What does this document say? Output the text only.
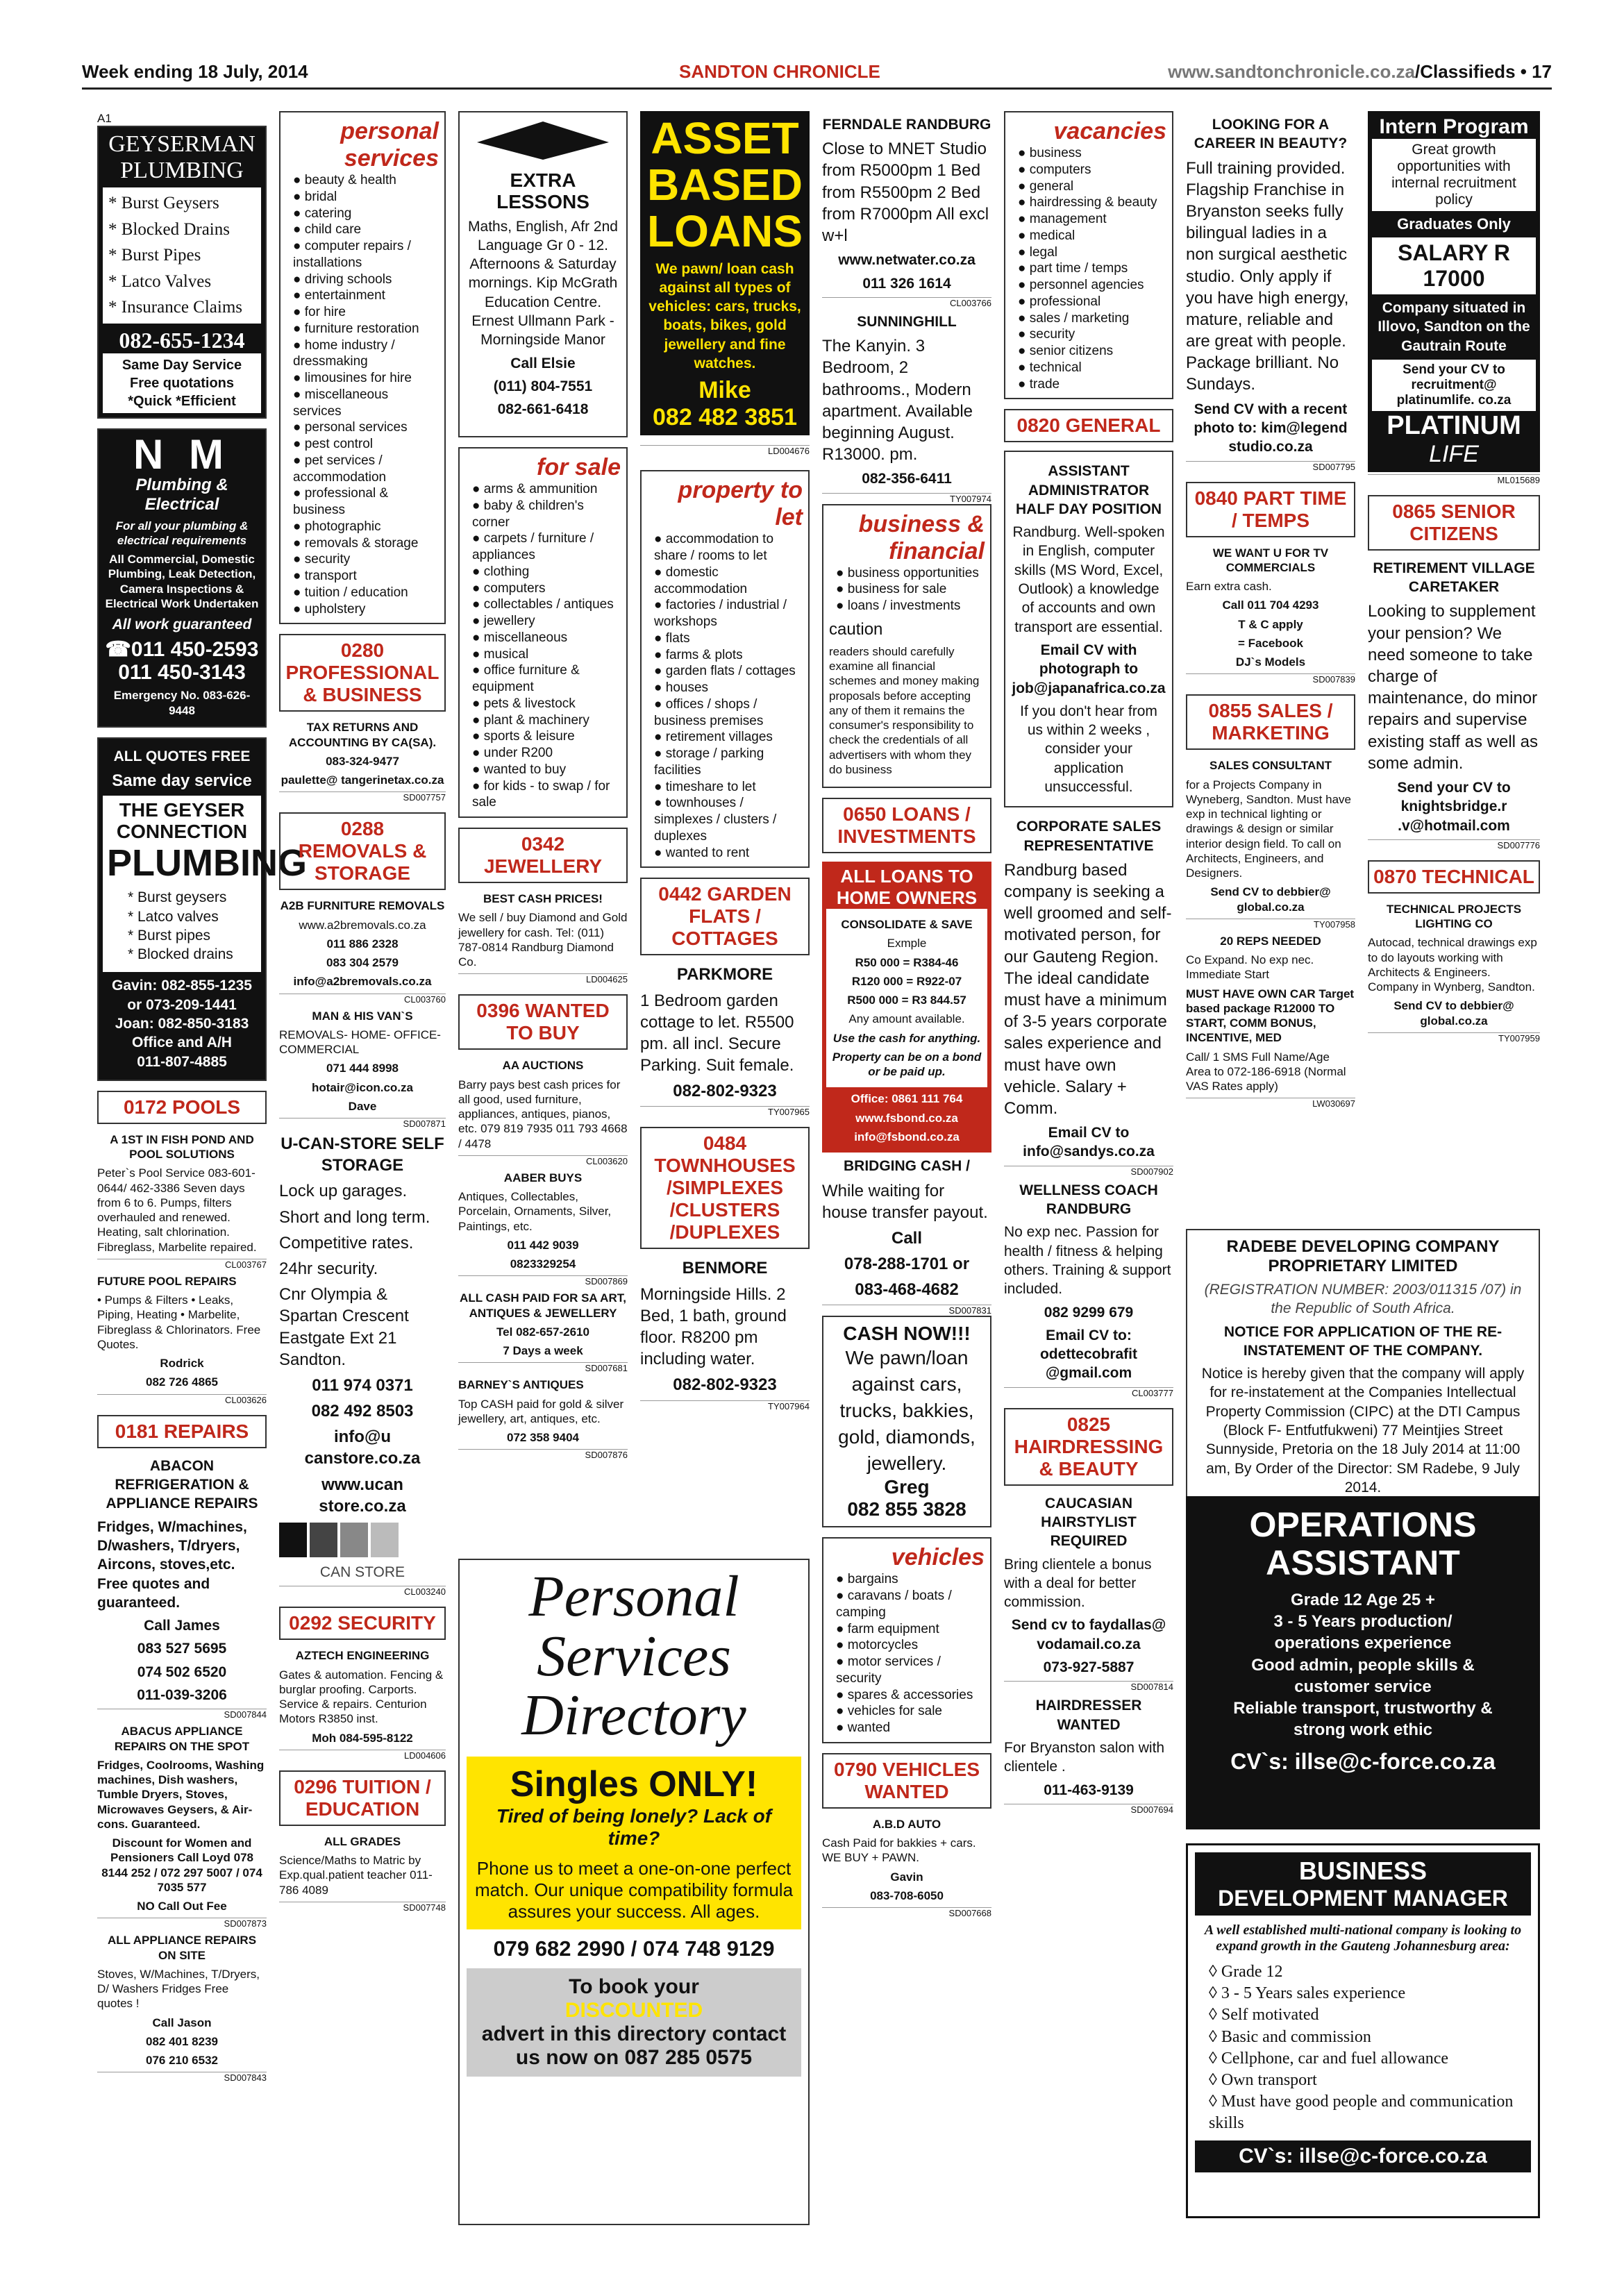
Week ending 18 July, 2014	SANDTON CHRONICLE	www.sandtonchronicle.co.za/Classifieds • 17
A1
GEYSERMAN PLUMBING
* Burst Geysers
* Blocked Drains
* Burst Pipes
* Latco Valves
* Insurance Claims
082-655-1234
Same Day Service
Free quotations
*Quick *Efficient
N M
Plumbing & Electrical
For all your plumbing & electrical requirements
All Commercial, Domestic Plumbing, Leak Detection, Camera Inspections & Electrical Work Undertaken
All work guaranteed
☎011 450-2593
011 450-3143
Emergency No. 083-626-9448
ALL QUOTES FREE
Same day service
THE GEYSER CONNECTION
PLUMBING
* Burst geysers
* Latco valves
* Burst pipes
* Blocked drains
Gavin: 082-855-1235
or 073-209-1441
Joan: 082-850-3183
Office and A/H
011-807-4885
0172 POOLS
A 1ST IN FISH POND AND POOL SOLUTIONS
Peter`s Pool Service 083-601-0644/ 462-3386 Seven days from 6 to 6. Pumps, filters overhauled and renewed. Heating, salt chlorination. Fibreglass, Marbelite repaired.
CL003767
FUTURE POOL REPAIRS
• Pumps & Filters • Leaks, Piping, Heating • Marbelite, Fibreglass & Chlorinators. Free Quotes.
Rodrick
082 726 4865
CL003626
0181 REPAIRS
ABACON REFRIGERATION & APPLIANCE REPAIRS
Fridges, W/machines, D/washers, T/dryers, Aircons, stoves,etc. Free quotes and guaranteed.
Call James
083 527 5695
074 502 6520
011-039-3206
SD007844
ABACUS APPLIANCE REPAIRS ON THE SPOT
Fridges, Coolrooms, Washing machines, Dish washers, Tumble Dryers, Stoves, Microwaves Geysers, & Air-cons. Guaranteed.
Discount for Women and Pensioners Call Loyd 078 8144 252 / 072 297 5007 / 074 7035 577
NO Call Out Fee
SD007873
ALL APPLIANCE REPAIRS ON SITE
Stoves, W/Machines, T/Dryers, D/ Washers Fridges Free quotes !
Call Jason
082 401 8239
076 210 6532
SD007843
personal services
● beauty & health
● bridal
● catering
● child care
● computer repairs / installations
● driving schools
● entertainment
● for hire
● furniture restoration
● home industry / dressmaking
● limousines for hire
● miscellaneous services
● personal services
● pest control
● pet services / accommodation
● professional & business
● photographic
● removals & storage
● security
● transport
● tuition / education
● upholstery
0280 PROFESSIONAL & BUSINESS
TAX RETURNS AND ACCOUNTING BY CA(SA).
083-324-9477
paulette@ tangerinetax.co.za
SD007757
0288 REMOVALS & STORAGE
A2B FURNITURE REMOVALS
www.a2bremovals.co.za
011 886 2328
083 304 2579
info@a2bremovals.co.za
CL003760
MAN & HIS VAN`S
REMOVALS- HOME- OFFICE- COMMERCIAL
071 444 8998
hotair@icon.co.za
Dave
SD007871
U-CAN-STORE SELF STORAGE
Lock up garages.
Short and long term.
Competitive rates.
24hr security.
Cnr Olympia & Spartan Crescent Eastgate Ext 21 Sandton.
011 974 0371
082 492 8503
info@u canstore.co.za
www.ucan store.co.za
CAN STORE
CL003240
0292 SECURITY
AZTECH ENGINEERING
Gates & automation. Fencing & burglar proofing. Carports. Service & repairs. Centurion Motors R3850 inst.
Moh 084-595-8122
LD004606
0296 TUITION / EDUCATION
ALL GRADES
Science/Maths to Matric by Exp.qual.patient teacher 011-786 4089
SD007748
EXTRA LESSONS
Maths, English, Afr 2nd Language Gr 0 - 12. Afternoons & Saturday mornings. Kip McGrath Education Centre. Ernest Ullmann Park - Morningside Manor
Call Elsie
(011) 804-7551
082-661-6418
for sale
● arms & ammunition
● baby & children's corner
● carpets / furniture / appliances
● clothing
● computers
● collectables / antiques
● jewellery
● miscellaneous
● musical
● office furniture & equipment
● pets & livestock
● plant & machinery
● sports & leisure
● under R200
● wanted to buy
● for kids - to swap / for sale
0342 JEWELLERY
BEST CASH PRICES!
We sell / buy Diamond and Gold jewellery for cash. Tel: (011) 787-0814 Randburg Diamond Co.
LD004625
0396 WANTED TO BUY
AA AUCTIONS
Barry pays best cash prices for all good, used furniture, appliances, antiques, pianos, etc. 079 819 7935 011 793 4668 / 4478
CL003620
AABER BUYS
Antiques, Collectables, Porcelain, Ornaments, Silver, Paintings, etc.
011 442 9039
0823329254
SD007869
ALL CASH PAID FOR SA ART, ANTIQUES & JEWELLERY
Tel 082-657-2610
7 Days a week
SD007681
BARNEY`S ANTIQUES
Top CASH paid for gold & silver jewellery, art, antiques, etc.
072 358 9404
SD007876
ASSET
BASED
LOANS
We pawn/ loan cash against all types of vehicles: cars, trucks, boats, bikes, gold jewellery and fine watches.
Mike
082 482 3851
LD004676
property to let
● accommodation to share / rooms to let
● domestic accommodation
● factories / industrial / workshops
● flats
● farms & plots
● garden flats / cottages
● houses
● offices / shops / business premises
● retirement villages
● storage / parking facilities
● timeshare to let
● townhouses / simplexes / clusters / duplexes
● wanted to rent
0442 GARDEN FLATS / COTTAGES
PARKMORE
1 Bedroom garden cottage to let. R5500 pm. all incl. Secure Parking. Suit female.
082-802-9323
TY007965
0484 TOWNHOUSES /SIMPLEXES /CLUSTERS /DUPLEXES
BENMORE
Morningside Hills. 2 Bed, 1 bath, ground floor. R8200 pm including water.
082-802-9323
TY007964
Personal
Services
Directory
Singles ONLY!
Tired of being lonely? Lack of time?
Phone us to meet a one-on-one perfect match. Our unique compatibility formula assures your success. All ages.
079 682 2990 / 074 748 9129
To book your
DISCOUNTED
advert in this directory contact us now on 087 285 0575
FERNDALE RANDBURG
Close to MNET Studio from R5000pm 1 Bed from R5500pm 2 Bed from R7000pm All excl w+l
www.netwater.co.za
011 326 1614
CL003766
SUNNINGHILL
The Kanyin. 3 Bedroom, 2 bathrooms., Modern apartment. Available beginning August. R13000. pm.
082-356-6411
TY007974
business & financial
● business opportunities
● business for sale
● loans / investments
caution
readers should carefully examine all financial schemes and money making proposals before accepting any of them it remains the consumer's responsibility to check the credentials of all advertisers with whom they do business
0650 LOANS / INVESTMENTS
ALL LOANS TO HOME OWNERS
CONSOLIDATE & SAVE
Exmple
R50 000 = R384-46
R120 000 = R922-07
R500 000 = R3 844.57
Any amount available.
Use the cash for anything.
Property can be on a bond or be paid up.
Office: 0861 111 764
www.fsbond.co.za
info@fsbond.co.za
BRIDGING CASH /
While waiting for house transfer payout.
Call
078-288-1701 or
083-468-4682
SD007831
CASH NOW!!!
We pawn/loan against cars, trucks, bakkies, gold, diamonds, jewellery.
Greg
082 855 3828
vehicles
● bargains
● caravans / boats / camping
● farm equipment
● motorcycles
● motor services / security
● spares & accessories
● vehicles for sale
● wanted
0790 VEHICLES WANTED
A.B.D AUTO
Cash Paid for bakkies + cars. WE BUY + PAWN.
Gavin
083-708-6050
SD007668
vacancies
● business
● computers
● general
● hairdressing & beauty
● management
● medical
● legal
● part time / temps
● personnel agencies
● professional
● sales / marketing
● security
● senior citizens
● technical
● trade
0820 GENERAL
ASSISTANT ADMINISTRATOR HALF DAY POSITION
Randburg. Well-spoken in English, computer skills (MS Word, Excel, Outlook) a knowledge of accounts and own transport are essential.
Email CV with photograph to job@japanafrica.co.za
If you don't hear from us within 2 weeks , consider your application unsuccessful.
CORPORATE SALES REPRESENTATIVE
Randburg based company is seeking a well groomed and self-motivated person, for our Gauteng Region. The ideal candidate must have a minimum of 3-5 years corporate sales experience and must have own vehicle. Salary + Comm.
Email CV to info@sandys.co.za
SD007902
WELLNESS COACH RANDBURG
No exp nec. Passion for health / fitness & helping others. Training & support included.
082 9299 679
Email CV to: odettecobrafit @gmail.com
CL003777
0825 HAIRDRESSING & BEAUTY
CAUCASIAN HAIRSTYLIST REQUIRED
Bring clientele a bonus with a deal for better commission.
Send cv to faydallas@ vodamail.co.za
073-927-5887
SD007814
HAIRDRESSER WANTED
For Bryanston salon with clientele .
011-463-9139
SD007694
LOOKING FOR A CAREER IN BEAUTY?
Full training provided. Flagship Franchise in Bryanston seeks fully bilingual ladies in a non surgical aesthetic studio. Only apply if you have high energy, mature, reliable and are great with people. Package brilliant. No Sundays.
Send CV with a recent photo to: kim@legend studio.co.za
SD007795
0840 PART TIME / TEMPS
WE WANT U FOR TV COMMERCIALS
Earn extra cash.
Call 011 704 4293
T & C apply
= Facebook
DJ`s Models
SD007839
0855 SALES / MARKETING
SALES CONSULTANT
for a Projects Company in Wyneberg, Sandton. Must have exp in technical lighting or drawings & design or similar interior design field. To call on Architects, Engineers, and Designers.
Send CV to debbier@ global.co.za
TY007958
20 REPS NEEDED
Co Expand. No exp nec. Immediate Start
MUST HAVE OWN CAR Target based package R12000 TO START, COMM BONUS, INCENTIVE, MED
Call/ 1 SMS Full Name/Age Area to 072-186-6918 (Normal VAS Rates apply)
LW030697
RADEBE DEVELOPING COMPANY PROPRIETARY LIMITED
(REGISTRATION NUMBER: 2003/011315 /07) in the Republic of South Africa.
NOTICE FOR APPLICATION OF THE RE-INSTATEMENT OF THE COMPANY.
Notice is hereby given that the company will apply for re-instatement at the Companies Intellectual Property Commission (CIPC) at the DTI Campus (Block F- Entfutfukweni) 77 Meintjies Street Sunnyside, Pretoria on the 18 July 2014 at 11:00 am, By Order of the Director: SM Radebe, 9 July 2014.
OPERATIONS
ASSISTANT
Grade 12 Age 25 +
3 - 5 Years production/
operations experience
Good admin, people skills &
customer service
Reliable transport, trustworthy &
strong work ethic
CV`s: illse@c-force.co.za
BUSINESS
DEVELOPMENT MANAGER
A well established multi-national company is looking to expand growth in the Gauteng Johannesburg area:
◊ Grade 12
◊ 3 - 5 Years sales experience
◊ Self motivated
◊ Basic and commission
◊ Cellphone, car and fuel allowance
◊ Own transport
◊ Must have good people and communication skills
CV`s: illse@c-force.co.za
Intern Program
Great growth opportunities with internal recruitment policy
Graduates Only
SALARY R 17000
Company situated in Illovo, Sandton on the Gautrain Route
Send your CV to recruitment@ platinumlife. co.za
PLATINUM
LIFE
ML015689
0865 SENIOR CITIZENS
RETIREMENT VILLAGE CARETAKER
Looking to supplement your pension? We need someone to take charge of maintenance, do minor repairs and supervise existing staff as well as some admin.
Send your CV to knightsbridge.r .v@hotmail.com
SD007776
0870 TECHNICAL
TECHNICAL PROJECTS LIGHTING CO
Autocad, technical drawings exp to do layouts working with Architects & Engineers. Company in Wynberg, Sandton.
Send CV to debbier@ global.co.za
TY007959
